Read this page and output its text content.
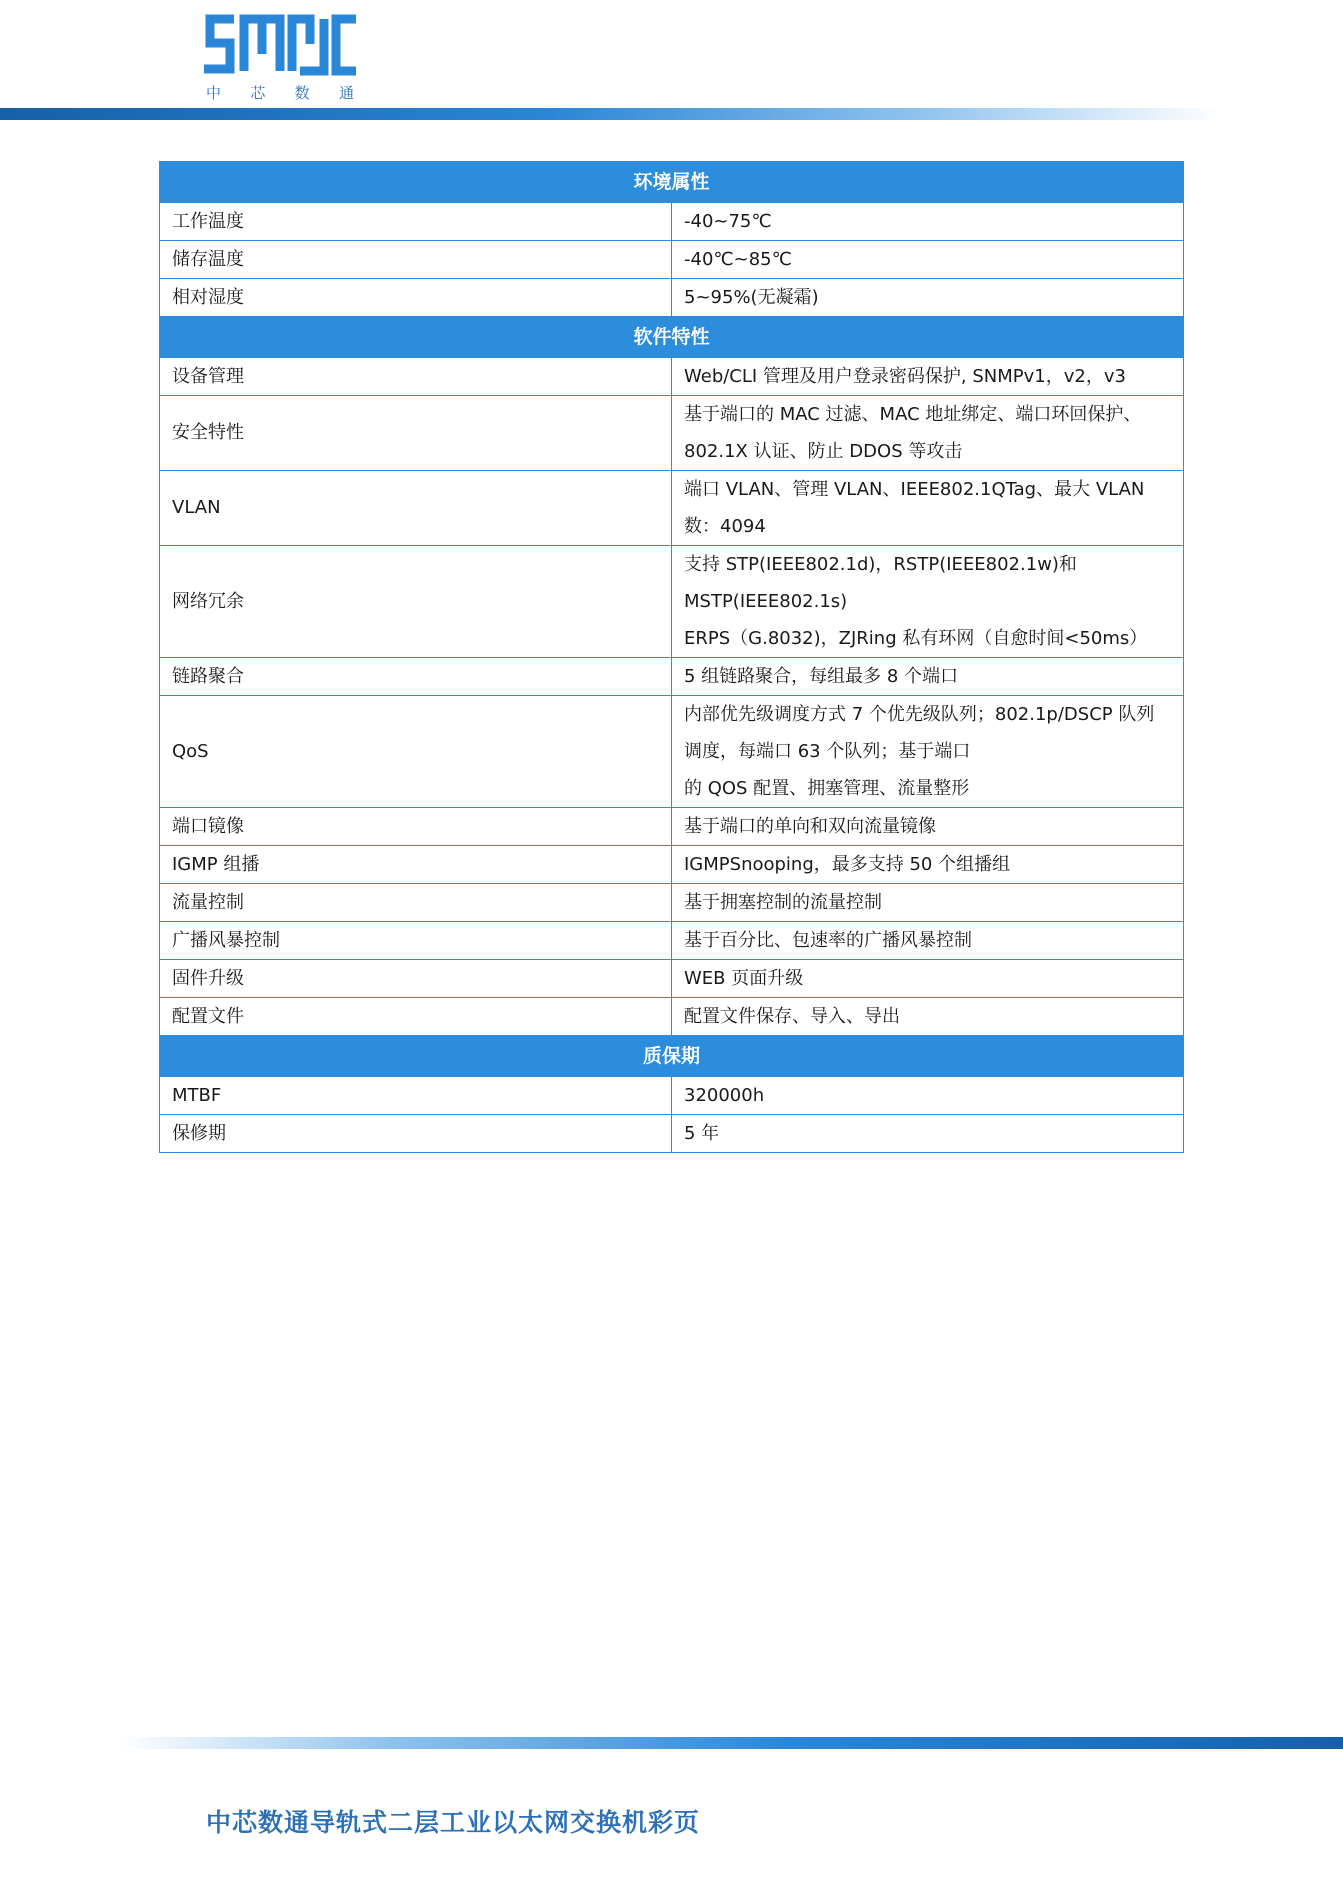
中 芯 数 通
环境属性	
工作温度	-40~75℃

储存温度	-40℃~85℃

相对湿度	5~95%(无凝霜)

软件特性	
设备管理	Web/CLI 管理及用户登录密码保护, SNMPv1，v2，v3

安全特性	基于端口的 MAC 过滤、MAC 地址绑定、端口环回保护、802.1X 认证、防止 DDOS 等攻击

VLAN	端口 VLAN、管理 VLAN、IEEE802.1QTag、最大 VLAN 数：4094

网络冗余	支持 STP(IEEE802.1d)，RSTP(IEEE802.1w)和 MSTP(IEEE802.1s)
ERPS（G.8032)，ZJRing 私有环网（自愈时间<50ms）

链路聚合	5 组链路聚合，每组最多 8 个端口

QoS	内部优先级调度方式 7 个优先级队列；802.1p/DSCP 队列调度，每端口 63 个队列；基于端口
的 QOS 配置、拥塞管理、流量整形

端口镜像	基于端口的单向和双向流量镜像

IGMP 组播	IGMPSnooping，最多支持 50 个组播组

流量控制	基于拥塞控制的流量控制

广播风暴控制	基于百分比、包速率的广播风暴控制

固件升级	WEB 页面升级

配置文件	配置文件保存、导入、导出

质保期	
MTBF	320000h

保修期	5 年
中芯数通导轨式二层工业以太网交换机彩页
